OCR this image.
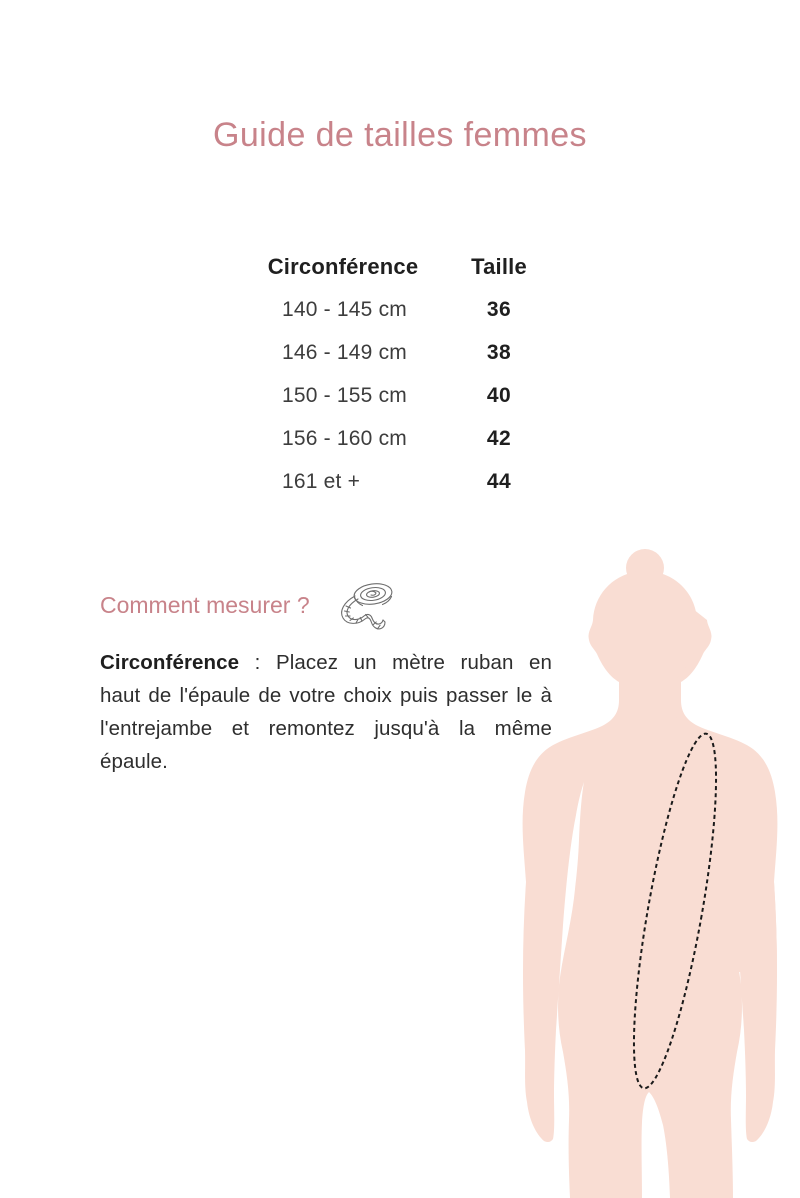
Guide de tailles femmes
Circonférence	Taille
140 - 145 cm	36
146 - 149 cm	38
150 - 155 cm	40
156 - 160 cm	42
161 et +	44
Comment mesurer ?
Circonférence : Placez un mètre ruban en
haut de l'épaule de votre choix puis passer le à
l'entrejambe et remontez jusqu'à la même
épaule.
